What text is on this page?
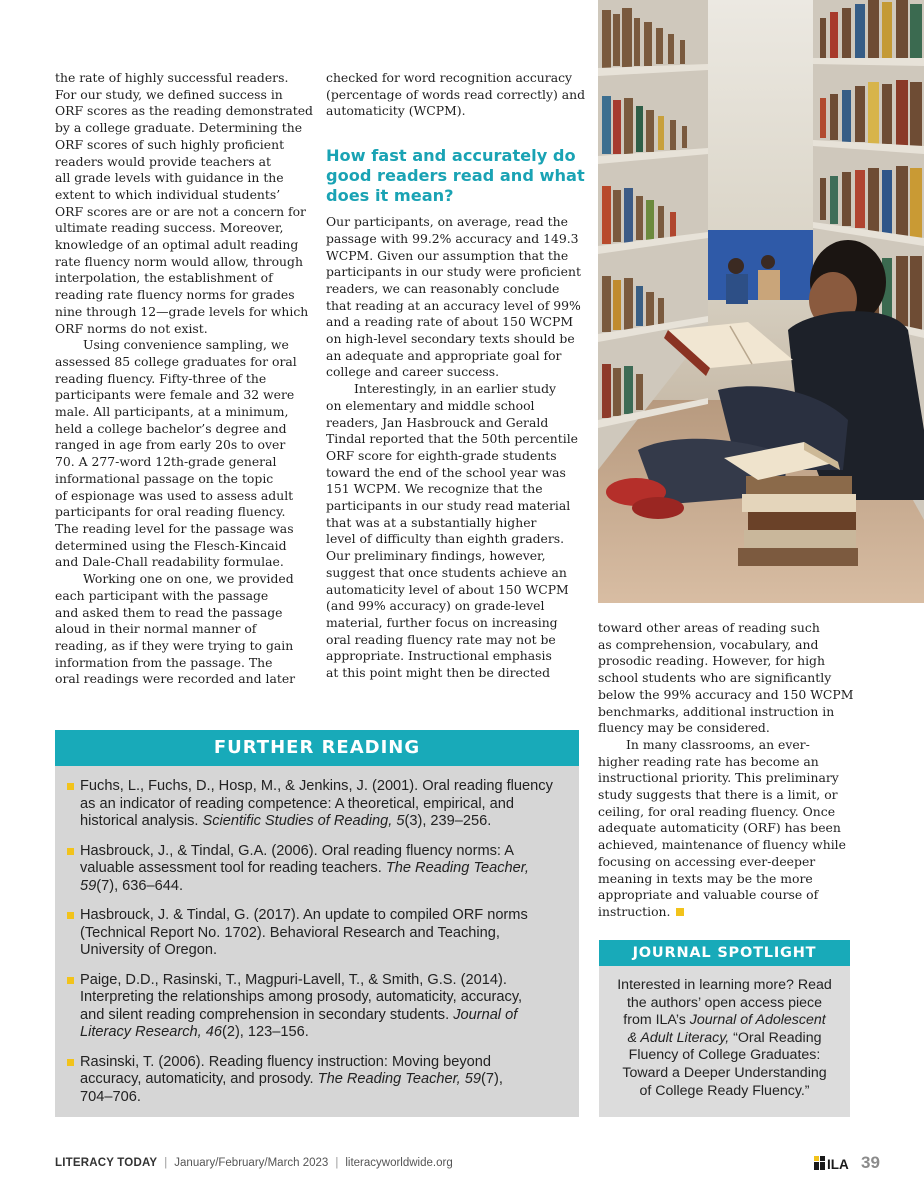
the rate of highly successful readers.
For our study, we defined success in
ORF scores as the reading demonstrated
by a college graduate. Determining the
ORF scores of such highly proficient
readers would provide teachers at
all grade levels with guidance in the
extent to which individual students’
ORF scores are or are not a concern for
ultimate reading success. Moreover,
knowledge of an optimal adult reading
rate fluency norm would allow, through
interpolation, the establishment of
reading rate fluency norms for grades
nine through 12—grade levels for which
ORF norms do not exist.

Using convenience sampling, we
assessed 85 college graduates for oral
reading fluency. Fifty-three of the
participants were female and 32 were
male. All participants, at a minimum,
held a college bachelor’s degree and
ranged in age from early 20s to over
70. A 277-word 12th-grade general
informational passage on the topic
of espionage was used to assess adult
participants for oral reading fluency.
The reading level for the passage was
determined using the Flesch-Kincaid
and Dale-Chall readability formulae.

Working one on one, we provided
each participant with the passage
and asked them to read the passage
aloud in their normal manner of
reading, as if they were trying to gain
information from the passage. The
oral readings were recorded and later

checked for word recognition accuracy
(percentage of words read correctly) and
automaticity (WCPM).

How fast and accurately do
good readers read and what
does it mean?

Our participants, on average, read the
passage with 99.2% accuracy and 149.3
WCPM. Given our assumption that the
participants in our study were proficient
readers, we can reasonably conclude
that reading at an accuracy level of 99%
and a reading rate of about 150 WCPM
on high-level secondary texts should be
an adequate and appropriate goal for
college and career success.

Interestingly, in an earlier study
on elementary and middle school
readers, Jan Hasbrouck and Gerald
Tindal reported that the 50th percentile
ORF score for eighth-grade students
toward the end of the school year was
151 WCPM. We recognize that the
participants in our study read material
that was at a substantially higher
level of difficulty than eighth graders.
Our preliminary findings, however,
suggest that once students achieve an
automaticity level of about 150 WCPM
(and 99% accuracy) on grade-level
material, further focus on increasing
oral reading fluency rate may not be
appropriate. Instructional emphasis
at this point might then be directed

toward other areas of reading such
as comprehension, vocabulary, and
prosodic reading. However, for high
school students who are significantly
below the 99% accuracy and 150 WCPM
benchmarks, additional instruction in
fluency may be considered.

In many classrooms, an ever-
higher reading rate has become an
instructional priority. This preliminary
study suggests that there is a limit, or
ceiling, for oral reading fluency. Once
adequate automaticity (ORF) has been
achieved, maintenance of fluency while
focusing on accessing ever-deeper
meaning in texts may be the more
appropriate and valuable course of
instruction.

FURTHER READING
Fuchs, L., Fuchs, D., Hosp, M., & Jenkins, J. (2001). Oral reading fluency
as an indicator of reading competence: A theoretical, empirical, and
historical analysis. Scientific Studies of Reading, 5(3), 239–256.
Hasbrouck, J., & Tindal, G.A. (2006). Oral reading fluency norms: A
valuable assessment tool for reading teachers. The Reading Teacher,
59(7), 636–644.
Hasbrouck, J. & Tindal, G. (2017). An update to compiled ORF norms
(Technical Report No. 1702). Behavioral Research and Teaching,
University of Oregon.
Paige, D.D., Rasinski, T., Magpuri-Lavell, T., & Smith, G.S. (2014).
Interpreting the relationships among prosody, automaticity, accuracy,
and silent reading comprehension in secondary students. Journal of
Literacy Research, 46(2), 123–156.
Rasinski, T. (2006). Reading fluency instruction: Moving beyond
accuracy, automaticity, and prosody. The Reading Teacher, 59(7),
704–706.
JOURNAL SPOTLIGHT
Interested in learning more? Read
the authors’ open access piece
from ILA’s Journal of Adolescent
& Adult Literacy, “Oral Reading
Fluency of College Graduates:
Toward a Deeper Understanding
of College Ready Fluency.”
LITERACY TODAY | January/February/March 2023 | literacyworldwide.org	ILA 39
